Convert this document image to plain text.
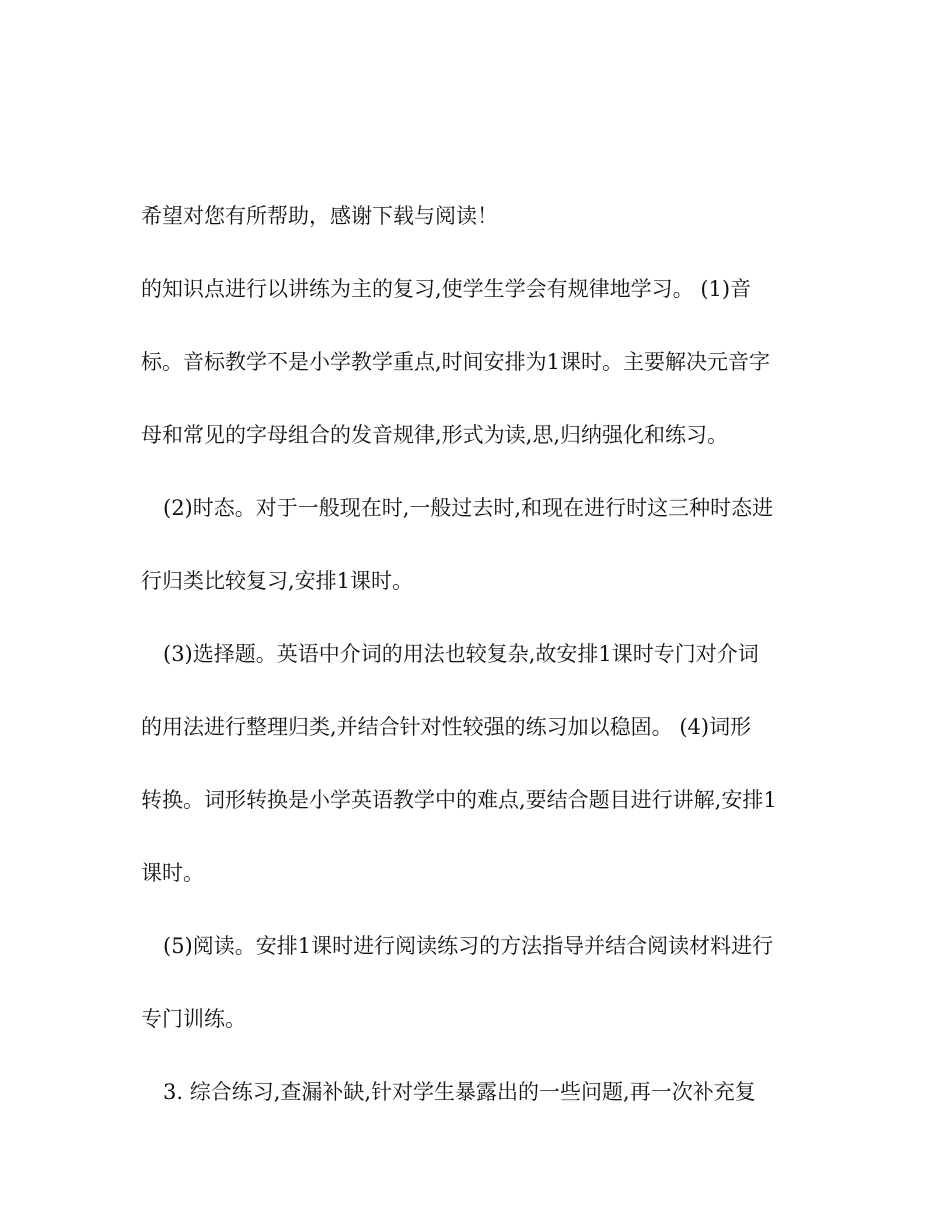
希望对您有所帮助，感谢下载与阅读！
的知识点进行以讲练为主的复习,使学生学会有规律地学习。 (1)音
标。音标教学不是小学教学重点,时间安排为1课时。主要解决元音字
母和常见的字母组合的发音规律,形式为读,思,归纳强化和练习。
(2)时态。对于一般现在时,一般过去时,和现在进行时这三种时态进
行归类比较复习,安排1课时。
(3)选择题。英语中介词的用法也较复杂,故安排1课时专门对介词
的用法进行整理归类,并结合针对性较强的练习加以稳固。 (4)词形
转换。词形转换是小学英语教学中的难点,要结合题目进行讲解,安排1
课时。
(5)阅读。安排1课时进行阅读练习的方法指导并结合阅读材料进行
专门训练。
3. 综合练习,查漏补缺,针对学生暴露出的一些问题,再一次补充复
